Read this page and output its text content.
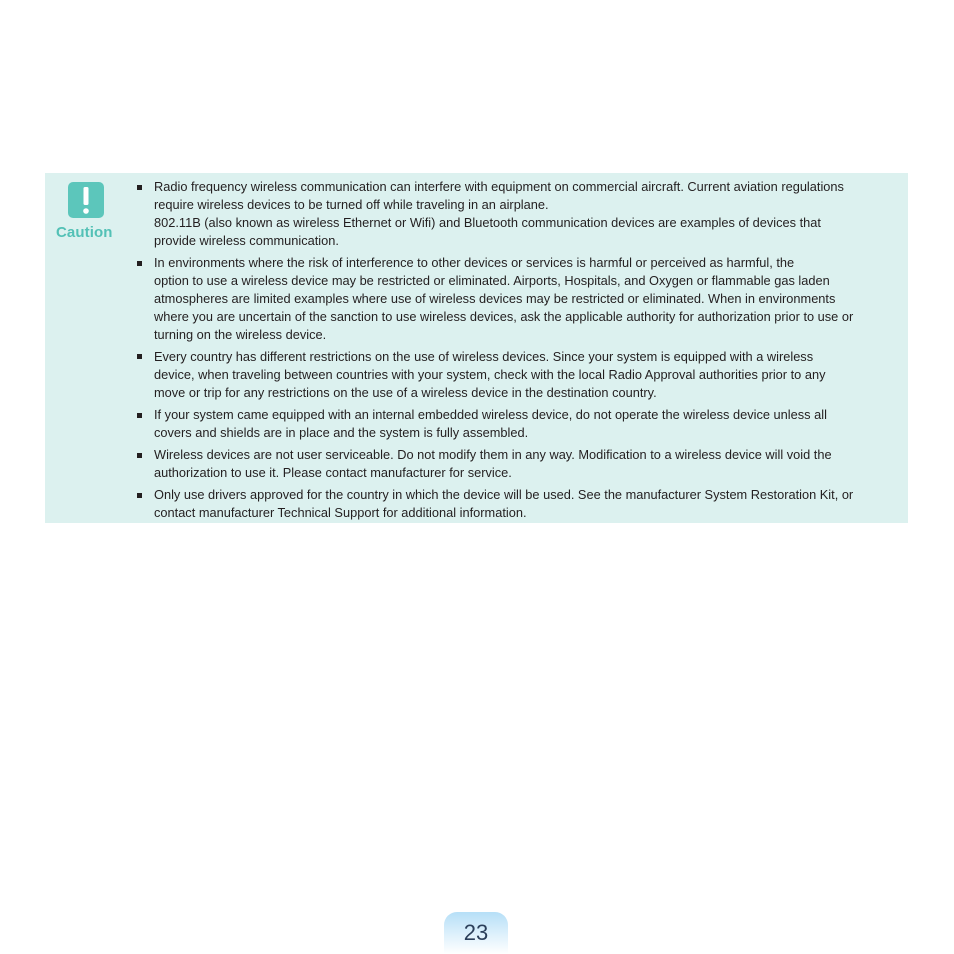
Caution
Radio frequency wireless communication can interfere with equipment on commercial aircraft. Current aviation regulations
require wireless devices to be turned off while traveling in an airplane.
802.11B (also known as wireless Ethernet or Wifi) and Bluetooth communication devices are examples of devices that
provide wireless communication.
In environments where the risk of interference to other devices or services is harmful or perceived as harmful, the
option to use a wireless device may be restricted or eliminated. Airports, Hospitals, and Oxygen or flammable gas laden
atmospheres are limited examples where use of wireless devices may be restricted or eliminated. When in environments
where you are uncertain of the sanction to use wireless devices, ask the applicable authority for authorization prior to use or
turning on the wireless device.
Every country has different restrictions on the use of wireless devices. Since your system is equipped with a wireless
device, when traveling between countries with your system, check with the local Radio Approval authorities prior to any
move or trip for any restrictions on the use of a wireless device in the destination country.
If your system came equipped with an internal embedded wireless device, do not operate the wireless device unless all
covers and shields are in place and the system is fully assembled.
Wireless devices are not user serviceable. Do not modify them in any way. Modification to a wireless device will void the
authorization to use it. Please contact manufacturer for service.
Only use drivers approved for the country in which the device will be used. See the manufacturer System Restoration Kit, or
contact manufacturer Technical Support for additional information.
23
